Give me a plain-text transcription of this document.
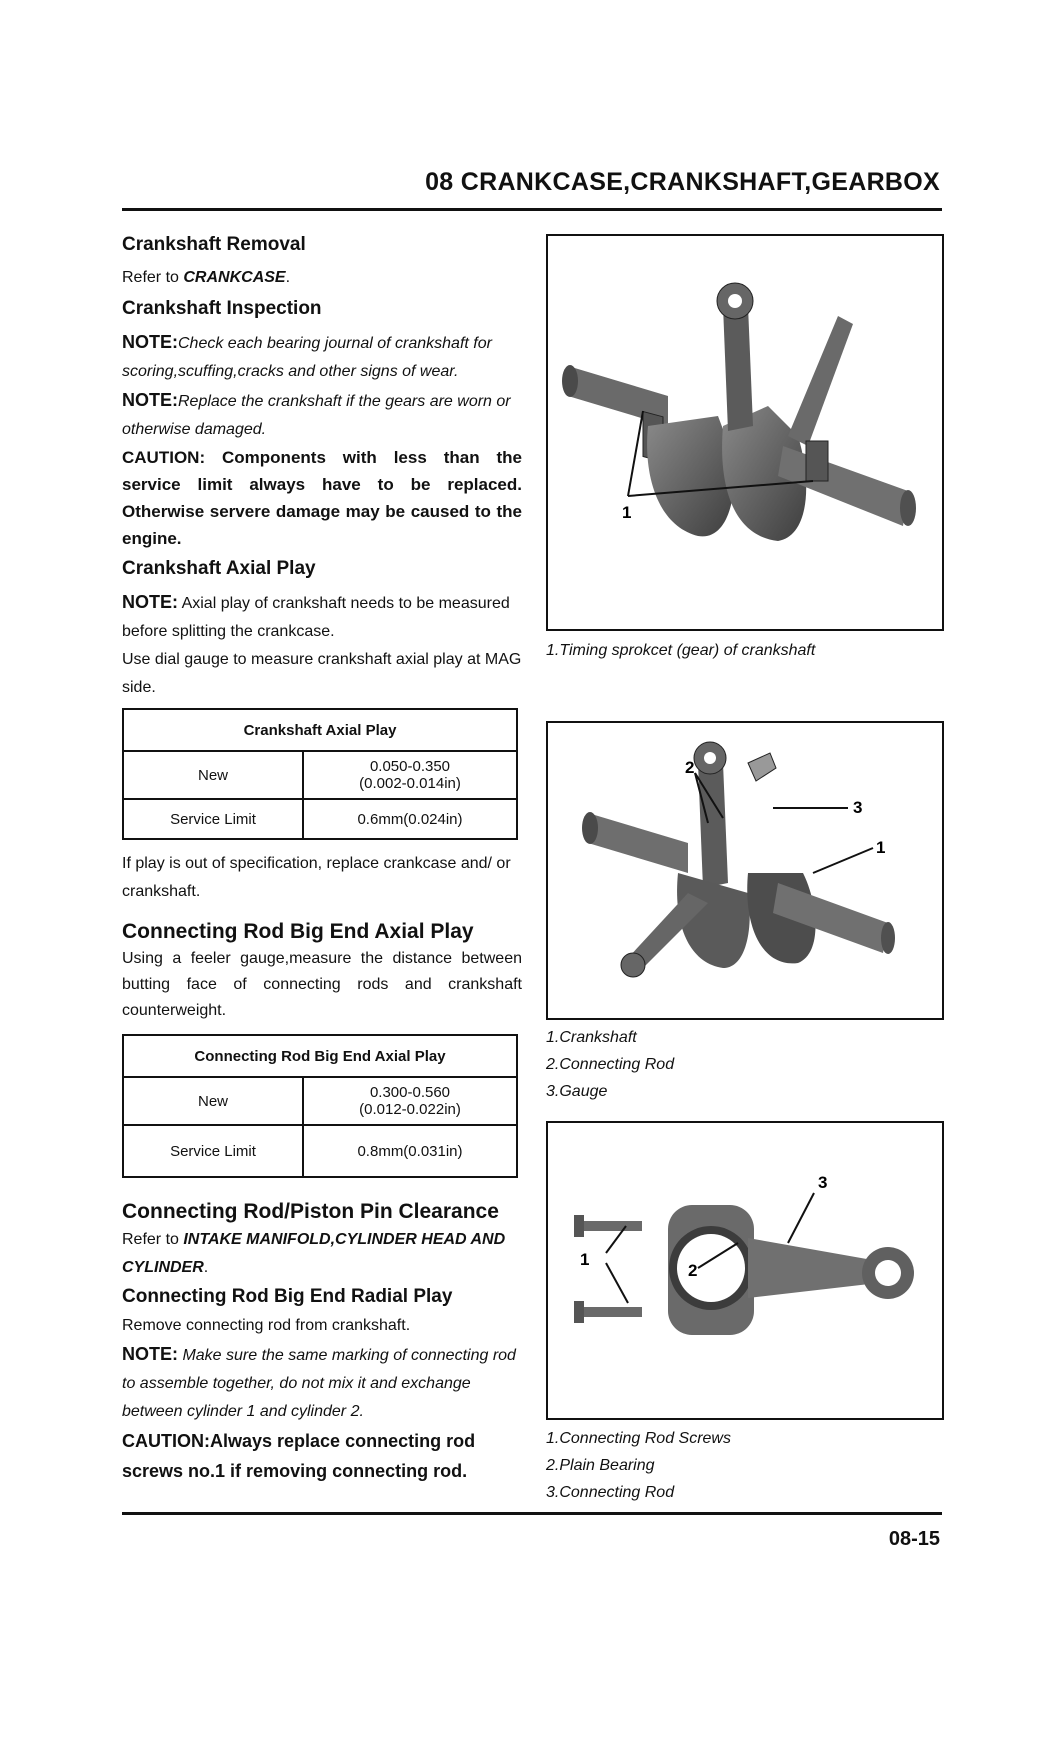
08 CRANKCASE,CRANKSHAFT,GEARBOX
Crankshaft Removal

Refer to CRANKCASE.

Crankshaft Inspection

NOTE:Check each bearing journal of crankshaft for scoring,scuffing,cracks and other signs of wear.

NOTE:Replace the crankshaft if the gears are worn or otherwise damaged.

CAUTION: Components with less than the service limit always have to be replaced. Otherwise servere damage may be caused to the engine.

Crankshaft Axial Play

NOTE: Axial play of crankshaft needs to be measured before splitting the crankcase.

Use dial gauge to measure crankshaft axial play at MAG side.

Crankshaft Axial Play	
New	0.050-0.350
(0.002-0.014in)

Service Limit	0.6mm(0.024in)

If play is out of specification, replace crankcase and/ or crankshaft.

Connecting Rod Big End Axial Play

Using a feeler gauge,measure the distance between butting face of connecting rods and crankshaft counterweight.

Connecting Rod Big End Axial Play	
New	0.300-0.560
(0.012-0.022in)

Service Limit	0.8mm(0.031in)
Connecting Rod/Piston Pin Clearance

Refer to INTAKE MANIFOLD,CYLINDER HEAD AND CYLINDER.

Connecting Rod Big End Radial Play

Remove connecting rod from crankshaft.

NOTE: Make sure the same marking of connecting rod to assemble together, do not mix it and exchange between cylinder 1 and cylinder 2.

CAUTION:Always replace connecting rod screws no.1 if removing connecting rod.

1
1.Timing sprokcet (gear) of crankshaft
2
3
1
1.Crankshaft
2.Connecting Rod
3.Gauge
1
2
3
1.Connecting Rod Screws
2.Plain Bearing
3.Connecting Rod
08-15
